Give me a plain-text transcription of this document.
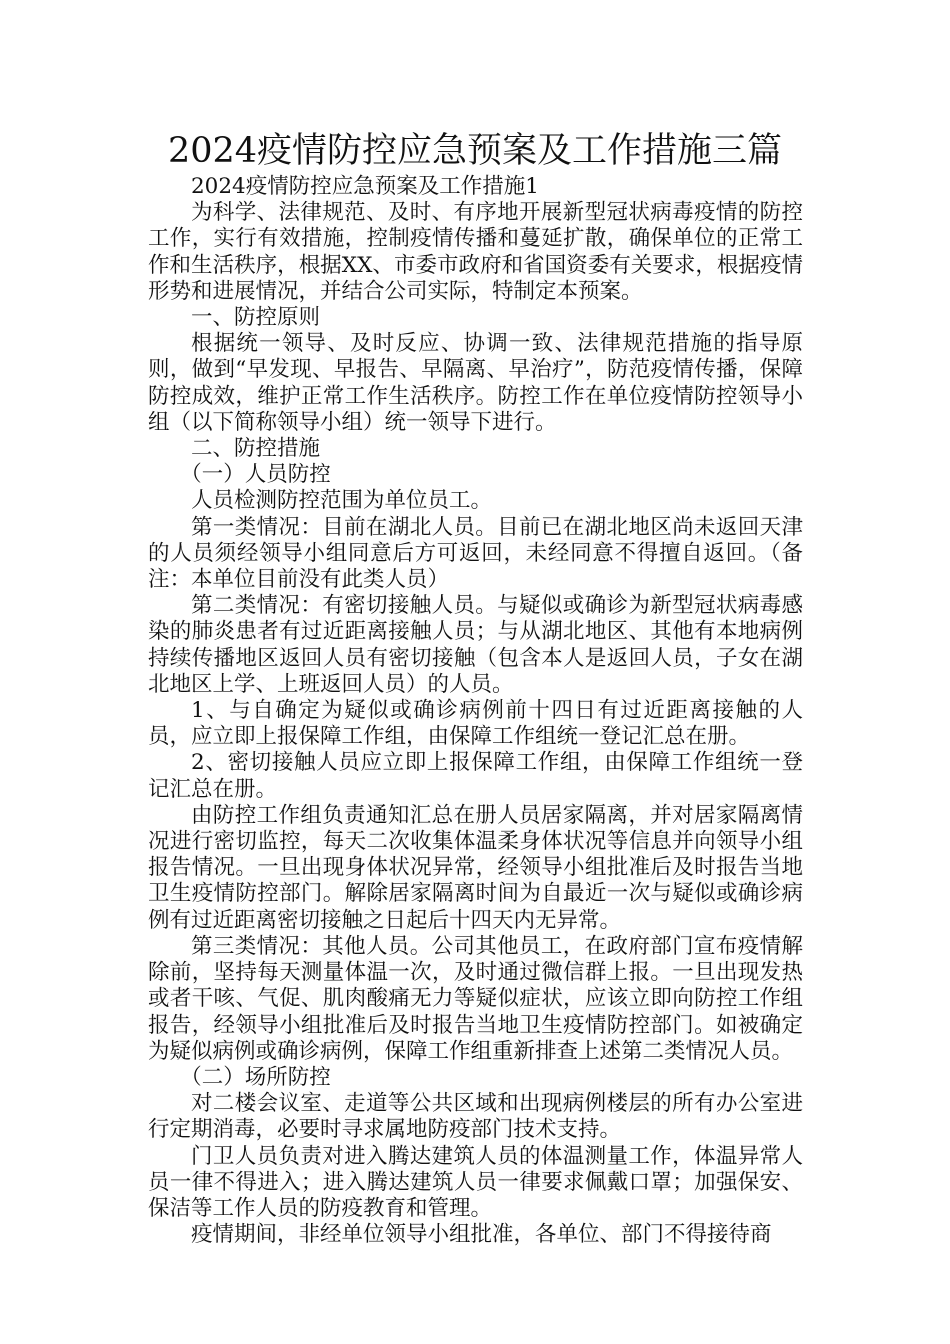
2024疫情防控应急预案及工作措施三篇

2024疫情防控应急预案及工作措施1

为科学、法律规范、及时、有序地开展新型冠状病毒疫情的防控工作，实行有效措施，控制疫情传播和蔓延扩散，确保单位的正常工作和生活秩序，根据XX、市委市政府和省国资委有关要求，根据疫情形势和进展情况，并结合公司实际，特制定本预案。

一、防控原则

根据统一领导、及时反应、协调一致、法律规范措施的指导原则，做到“早发现、早报告、早隔离、早治疗”，防范疫情传播，保障防控成效，维护正常工作生活秩序。防控工作在单位疫情防控领导小组（以下简称领导小组）统一领导下进行。

二、防控措施

（一）人员防控

人员检测防控范围为单位员工。

第一类情况：目前在湖北人员。目前已在湖北地区尚未返回天津的人员须经领导小组同意后方可返回，未经同意不得擅自返回。（备注：本单位目前没有此类人员）

第二类情况：有密切接触人员。与疑似或确诊为新型冠状病毒感染的肺炎患者有过近距离接触人员；与从湖北地区、其他有本地病例持续传播地区返回人员有密切接触（包含本人是返回人员，子女在湖北地区上学、上班返回人员）的人员。

1、与自确定为疑似或确诊病例前十四日有过近距离接触的人员，应立即上报保障工作组，由保障工作组统一登记汇总在册。

2、密切接触人员应立即上报保障工作组，由保障工作组统一登记汇总在册。

由防控工作组负责通知汇总在册人员居家隔离，并对居家隔离情况进行密切监控，每天二次收集体温柔身体状况等信息并向领导小组报告情况。一旦出现身体状况异常，经领导小组批准后及时报告当地卫生疫情防控部门。解除居家隔离时间为自最近一次与疑似或确诊病例有过近距离密切接触之日起后十四天内无异常。

第三类情况：其他人员。公司其他员工，在政府部门宣布疫情解除前，坚持每天测量体温一次，及时通过微信群上报。一旦出现发热或者干咳、气促、肌肉酸痛无力等疑似症状，应该立即向防控工作组报告，经领导小组批准后及时报告当地卫生疫情防控部门。如被确定为疑似病例或确诊病例，保障工作组重新排查上述第二类情况人员。

（二）场所防控

对二楼会议室、走道等公共区域和出现病例楼层的所有办公室进行定期消毒，必要时寻求属地防疫部门技术支持。

门卫人员负责对进入腾达建筑人员的体温测量工作，体温异常人员一律不得进入；进入腾达建筑人员一律要求佩戴口罩；加强保安、保洁等工作人员的防疫教育和管理。

疫情期间，非经单位领导小组批准，各单位、部门不得接待商
